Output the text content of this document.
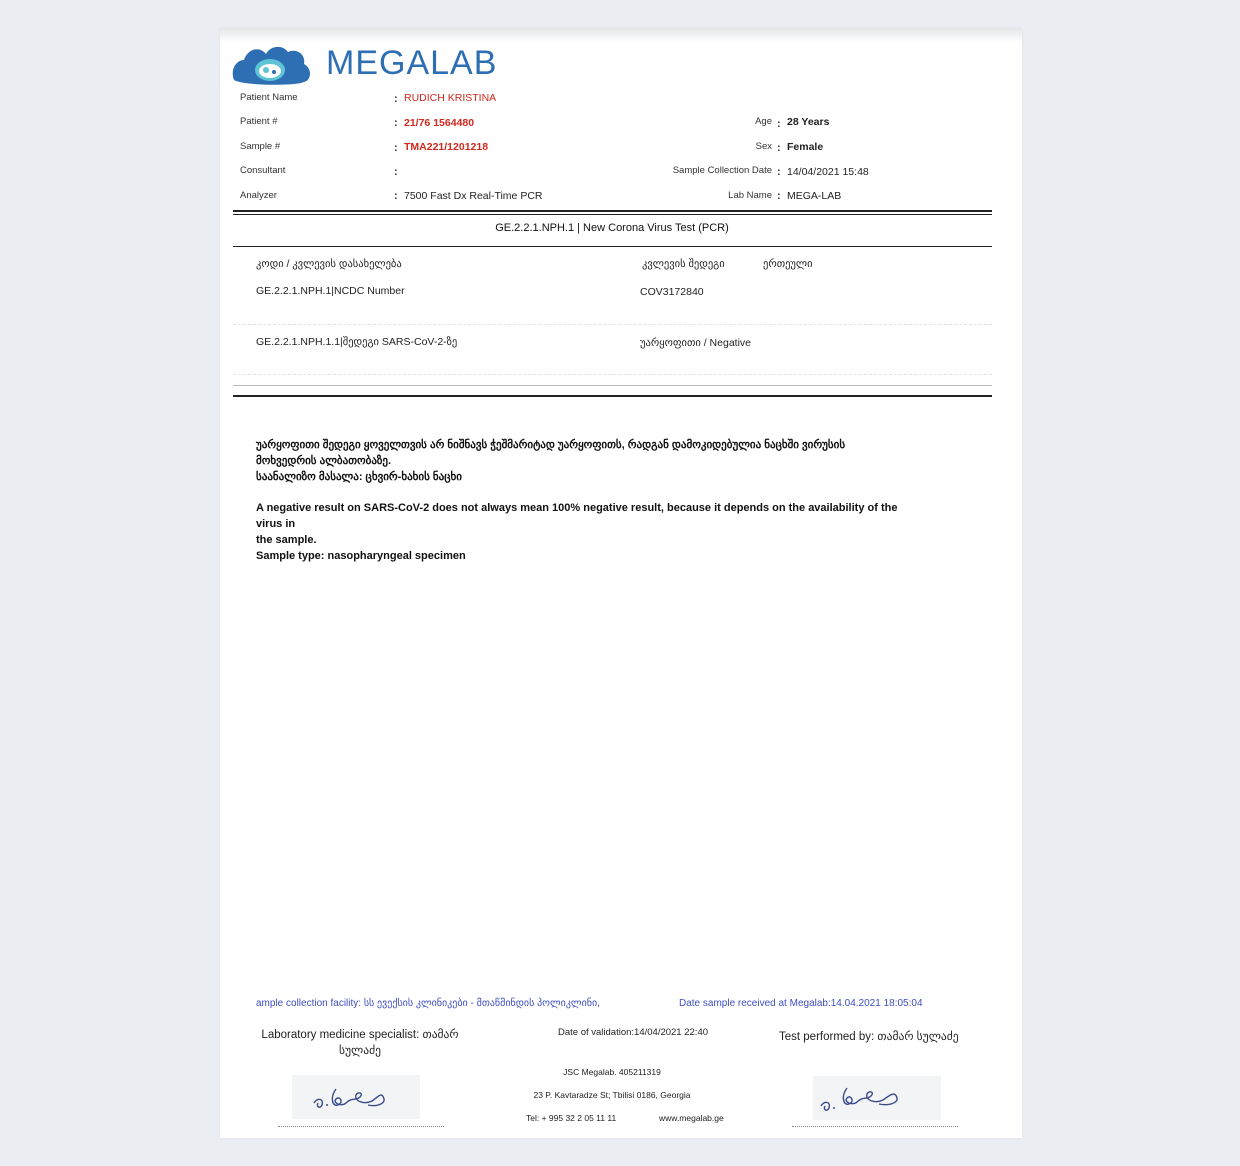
MEGALAB
Patient Name	: RUDICH KRISTINA
Patient #	: 21/76 1564480
Sample #	: TMA221/1201218
Consultant	:
Analyzer	: 7500 Fast Dx Real-Time PCR
Age : 28 Years
Sex : Female
Sample Collection Date : 14/04/2021 15:48
Lab Name : MEGA-LAB
GE.2.2.1.NPH.1 | New Corona Virus Test (PCR)
კოდი / კვლევის დასახელება	კვლევის შედეგი	ერთეული
GE.2.2.1.NPH.1|NCDC Number	COV3172840
GE.2.2.1.NPH.1.1|შედეგი SARS-CoV-2-ზე	უარყოფითი / Negative
უარყოფითი შედეგი ყოველთვის არ ნიშნავს ჭეშმარიტად უარყოფითს, რადგან დამოკიდებულია ნაცხში ვირუსის
მოხვედრის ალბათობაზე.
საანალიზო მასალა: ცხვირ-ხახის ნაცხი
A negative result on SARS-CoV-2 does not always mean 100% negative result, because it depends on the availability of the virus in
the sample.
Sample type: nasopharyngeal specimen
ample collection facility: სს ევექსის კლინიკები - მთაწმინდის პოლიკლინი,	Date sample received at Megalab:14.04.2021 18:05:04
Laboratory medicine specialist: თამარ
სულაძე
Date of validation:14/04/2021 22:40	Test performed by: თამარ სულაძე
JSC Megalab. 405211319
23 P. Kavtaradze St; Tbilisi 0186, Georgia
Tel: + 995 32 2 05 11 11	www.megalab.ge
